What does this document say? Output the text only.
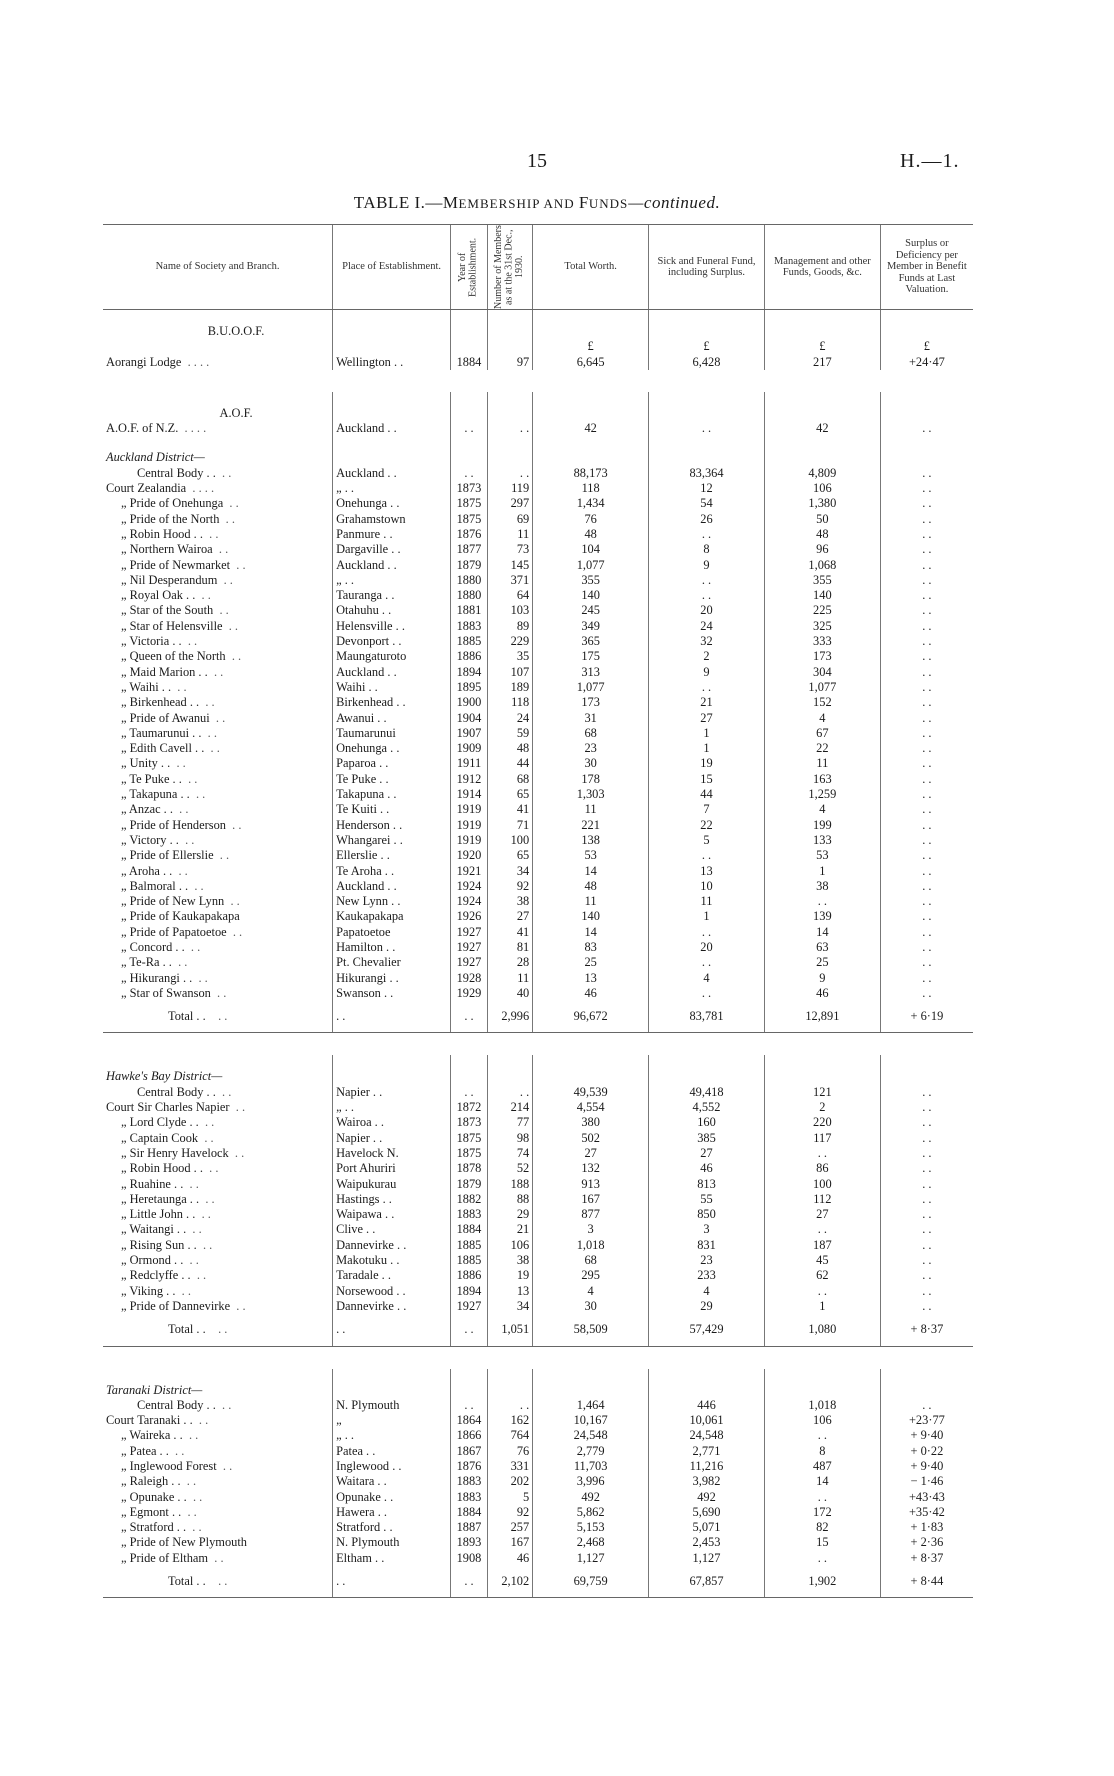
15	H.—1.
TABLE I.—MEMBERSHIP AND FUNDS—continued.
Name of Society and Branch.	Place of Establishment.	Year of Establishment.	Number of Members as at the 31st Dec., 1930.	Total Worth.	Sick and Funeral Fund, including Surplus.	Management and other Funds, Goods, &c.	Surplus or Deficiency per Member in Benefit Funds at Last Valuation.
B.U.O.O.F.							
				£	£	£	£
Aorangi Lodge . . . .	Wellington . .	1884	97	6,645	6,428	217	+24·47

A.O.F.							
A.O.F. of N.Z. . . . .	Auckland . .	. .	. .	42	. .	42	. .
Auckland District—							
Central Body . . . .	Auckland . .	. .	. .	88,173	83,364	4,809	. .
Court Zealandia . . . .	„ . .	1873	119	118	12	106	. .
„ Pride of Onehunga . .	Onehunga . .	1875	297	1,434	54	1,380	. .
„ Pride of the North . .	Grahamstown	1875	69	76	26	50	. .
„ Robin Hood . . . .	Panmure . .	1876	11	48	. .	48	. .
„ Northern Wairoa . .	Dargaville . .	1877	73	104	8	96	. .
„ Pride of Newmarket . .	Auckland . .	1879	145	1,077	9	1,068	. .
„ Nil Desperandum . .	„ . .	1880	371	355	. .	355	. .
„ Royal Oak . . . .	Tauranga . .	1880	64	140	. .	140	. .
„ Star of the South . .	Otahuhu . .	1881	103	245	20	225	. .
„ Star of Helensville . .	Helensville . .	1883	89	349	24	325	. .
„ Victoria . . . .	Devonport . .	1885	229	365	32	333	. .
„ Queen of the North . .	Maungaturoto	1886	35	175	2	173	. .
„ Maid Marion . . . .	Auckland . .	1894	107	313	9	304	. .
„ Waihi . . . .	Waihi . .	1895	189	1,077	. .	1,077	. .
„ Birkenhead . . . .	Birkenhead . .	1900	118	173	21	152	. .
„ Pride of Awanui . .	Awanui . .	1904	24	31	27	4	. .
„ Taumarunui . . . .	Taumarunui	1907	59	68	1	67	. .
„ Edith Cavell . . . .	Onehunga . .	1909	48	23	1	22	. .
„ Unity . . . .	Paparoa . .	1911	44	30	19	11	. .
„ Te Puke . . . .	Te Puke . .	1912	68	178	15	163	. .
„ Takapuna . . . .	Takapuna . .	1914	65	1,303	44	1,259	. .
„ Anzac . . . .	Te Kuiti . .	1919	41	11	7	4	. .
„ Pride of Henderson . .	Henderson . .	1919	71	221	22	199	. .
„ Victory . . . .	Whangarei . .	1919	100	138	5	133	. .
„ Pride of Ellerslie . .	Ellerslie . .	1920	65	53	. .	53	. .
„ Aroha . . . .	Te Aroha . .	1921	34	14	13	1	. .
„ Balmoral . . . .	Auckland . .	1924	92	48	10	38	. .
„ Pride of New Lynn . .	New Lynn . .	1924	38	11	11	. .	. .
„ Pride of Kaukapakapa	Kaukapakapa	1926	27	140	1	139	. .
„ Pride of Papatoetoe . .	Papatoetoe	1927	41	14	. .	14	. .
„ Concord . . . .	Hamilton . .	1927	81	83	20	63	. .
„ Te-Ra . . . .	Pt. Chevalier	1927	28	25	. .	25	. .
„ Hikurangi . . . .	Hikurangi . .	1928	11	13	4	9	. .
„ Star of Swanson . .	Swanson . .	1929	40	46	. .	46	. .
Total . . . .	. .	. .	2,996	96,672	83,781	12,891	+ 6·19

Hawke's Bay District—							
Central Body . . . .	Napier . .	. .	. .	49,539	49,418	121	. .
Court Sir Charles Napier . .	„ . .	1872	214	4,554	4,552	2	. .
„ Lord Clyde . . . .	Wairoa . .	1873	77	380	160	220	. .
„ Captain Cook . .	Napier . .	1875	98	502	385	117	. .
„ Sir Henry Havelock . .	Havelock N.	1875	74	27	27	. .	. .
„ Robin Hood . . . .	Port Ahuriri	1878	52	132	46	86	. .
„ Ruahine . . . .	Waipukurau	1879	188	913	813	100	. .
„ Heretaunga . . . .	Hastings . .	1882	88	167	55	112	. .
„ Little John . . . .	Waipawa . .	1883	29	877	850	27	. .
„ Waitangi . . . .	Clive . .	1884	21	3	3	. .	. .
„ Rising Sun . . . .	Dannevirke . .	1885	106	1,018	831	187	. .
„ Ormond . . . .	Makotuku . .	1885	38	68	23	45	. .
„ Redclyffe . . . .	Taradale . .	1886	19	295	233	62	. .
„ Viking . . . .	Norsewood . .	1894	13	4	4	. .	. .
„ Pride of Dannevirke . .	Dannevirke . .	1927	34	30	29	1	. .
Total . . . .	. .	. .	1,051	58,509	57,429	1,080	+ 8·37

Taranaki District—							
Central Body . . . .	N. Plymouth	. .	. .	1,464	446	1,018	. .
Court Taranaki . . . .	„	1864	162	10,167	10,061	106	+23·77
„ Waireka . . . .	„ . .	1866	764	24,548	24,548	. .	+ 9·40
„ Patea . . . .	Patea . .	1867	76	2,779	2,771	8	+ 0·22
„ Inglewood Forest . .	Inglewood . .	1876	331	11,703	11,216	487	+ 9·40
„ Raleigh . . . .	Waitara . .	1883	202	3,996	3,982	14	− 1·46
„ Opunake . . . .	Opunake . .	1883	5	492	492	. .	+43·43
„ Egmont . . . .	Hawera . .	1884	92	5,862	5,690	172	+35·42
„ Stratford . . . .	Stratford . .	1887	257	5,153	5,071	82	+ 1·83
„ Pride of New Plymouth	N. Plymouth	1893	167	2,468	2,453	15	+ 2·36
„ Pride of Eltham . .	Eltham . .	1908	46	1,127	1,127	. .	+ 8·37
Total . . . .	. .	. .	2,102	69,759	67,857	1,902	+ 8·44
